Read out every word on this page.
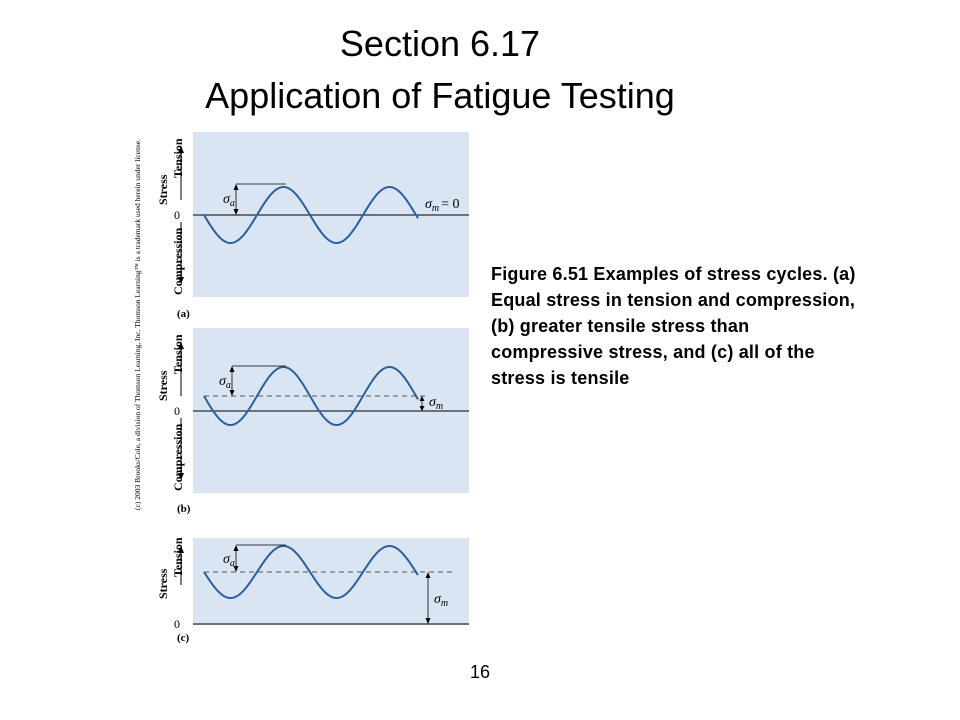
Section 6.17
Application of Fatigue Testing
Stress
Tension
Compression
0
$\sigma_a$	$\sigma_m = 0$
(a)
Stress
Tension
Compression
0
$\sigma_a$
$\sigma_m$
(b)
Stress
Tension
0
$\sigma_a$
$\sigma_m$
(c)
(c) 2003 Brooks/Cole, a division of Thomson Learning, Inc. Thomson Learning™ is a trademark used herein under license.	Figure 6.51 Examples of stress cycles. (a) Equal stress in tension and compression, (b) greater tensile stress than compressive stress, and (c) all of the stress is tensile
16
